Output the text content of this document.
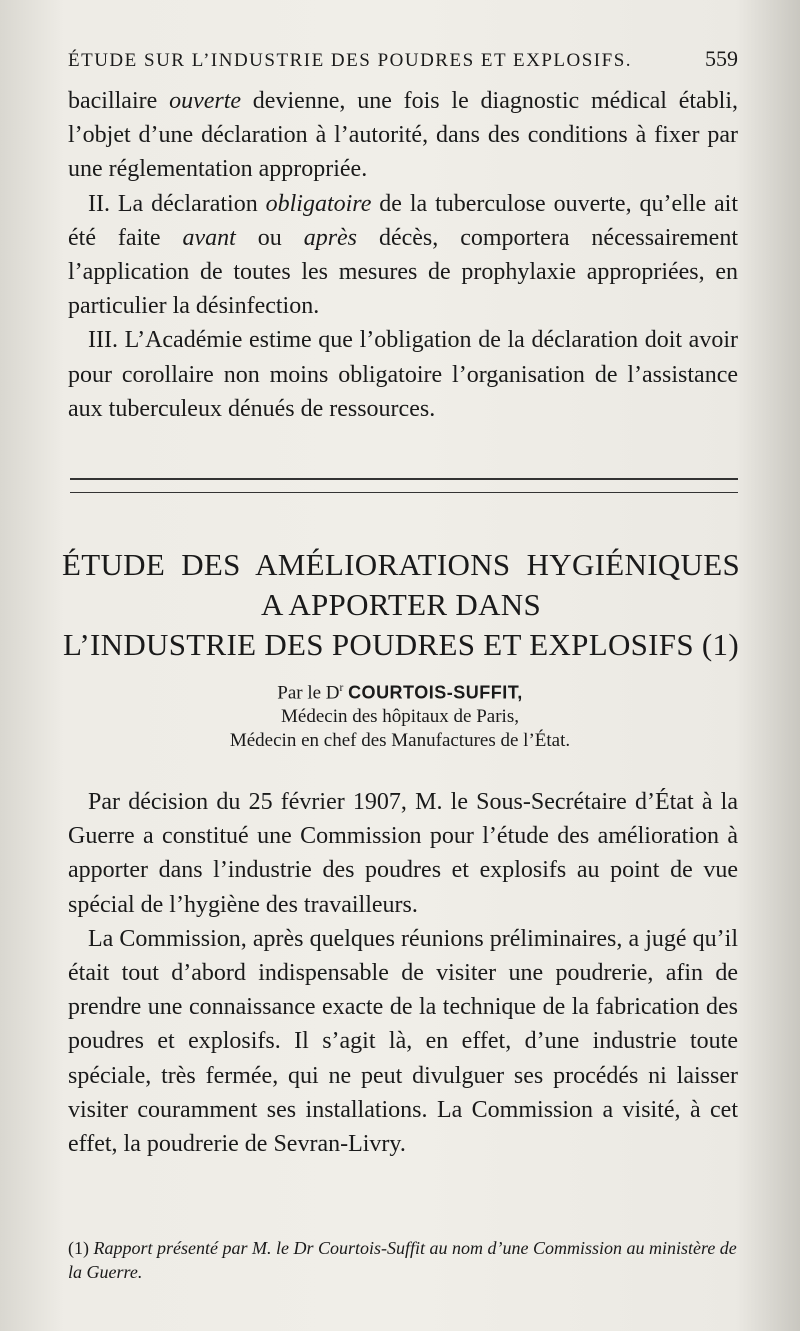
ÉTUDE SUR L’INDUSTRIE DES POUDRES ET EXPLOSIFS.	559

bacillaire ouverte devienne, une fois le diagnostic médical établi, l’objet d’une déclaration à l’autorité, dans des conditions à fixer par une réglementation appropriée.

II. La déclaration obligatoire de la tuberculose ouverte, qu’elle ait été faite avant ou après décès, comportera nécessairement l’application de toutes les mesures de prophylaxie appropriées, en particulier la désinfection.

III. L’Académie estime que l’obligation de la déclaration doit avoir pour corollaire non moins obligatoire l’organisation de l’assistance aux tuberculeux dénués de ressources.

ÉTUDE DES AMÉLIORATIONS HYGIÉNIQUES
A APPORTER DANS
L’INDUSTRIE DES POUDRES ET EXPLOSIFS (1)
Par le $D^r$ COURTOIS-SUFFIT,
Médecin des hôpitaux de Paris,
Médecin en chef des Manufactures de l’État.

Par décision du 25 février 1907, M. le Sous-Secrétaire d’État à la Guerre a constitué une Commission pour l’étude des amélioration à apporter dans l’industrie des poudres et explosifs au point de vue spécial de l’hygiène des travailleurs.

La Commission, après quelques réunions préliminaires, a jugé qu’il était tout d’abord indispensable de visiter une poudrerie, afin de prendre une connaissance exacte de la technique de la fabrication des poudres et explosifs. Il s’agit là, en effet, d’une industrie toute spéciale, très fermée, qui ne peut divulguer ses procédés ni laisser visiter couramment ses installations. La Commission a visité, à cet effet, la poudrerie de Sevran-Livry.

(1) Rapport présenté par M. le Dr Courtois-Suffit au nom d’une Commission au ministère de la Guerre.
